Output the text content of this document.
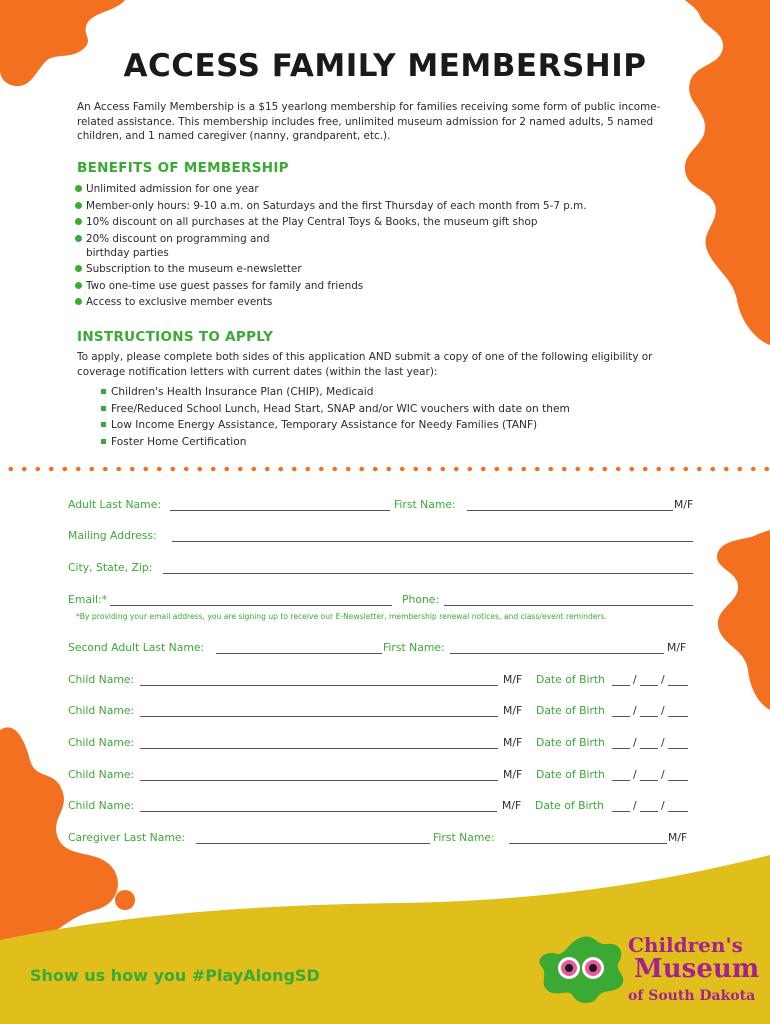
ACCESS FAMILY MEMBERSHIP

An Access Family Membership is a $15 yearlong membership for families receiving some form of public income-related assistance. This membership includes free, unlimited museum admission for 2 named adults, 5 named children, and 1 named caregiver (nanny, grandparent, etc.).

BENEFITS OF MEMBERSHIP
Unlimited admission for one year
Member-only hours: 9-10 a.m. on Saturdays and the first Thursday of each month from 5-7 p.m.
10% discount on all purchases at the Play Central Toys & Books, the museum gift shop
20% discount on programming and birthday parties
Subscription to the museum e-newsletter
Two one-time use guest passes for family and friends
Access to exclusive member events
INSTRUCTIONS TO APPLY

To apply, please complete both sides of this application AND submit a copy of one of the following eligibility or coverage notification letters with current dates (within the last year):

Children's Health Insurance Plan (CHIP), Medicaid
Free/Reduced School Lunch, Head Start, SNAP and/or WIC vouchers with date on them
Low Income Energy Assistance, Temporary Assistance for Needy Families (TANF)
Foster Home Certification
Adult Last Name:	First Name:	M/F
Mailing Address:
City, State, Zip:
Email:*	Phone:
*By providing your email address, you are signing up to receive our E-Newsletter, membership renewal notices, and class/event reminders.
Second Adult Last Name:	First Name:	M/F
Child Name:	M/F Date of Birth	/ /
Child Name:	M/F Date of Birth	/ /
Child Name:	M/F Date of Birth	/ /
Child Name:	M/F Date of Birth	/ /
Child Name:	M/F Date of Birth	/ /
Caregiver Last Name:	First Name:	M/F
Show us how you #PlayAlongSD
Children's
Museum
of South Dakota
